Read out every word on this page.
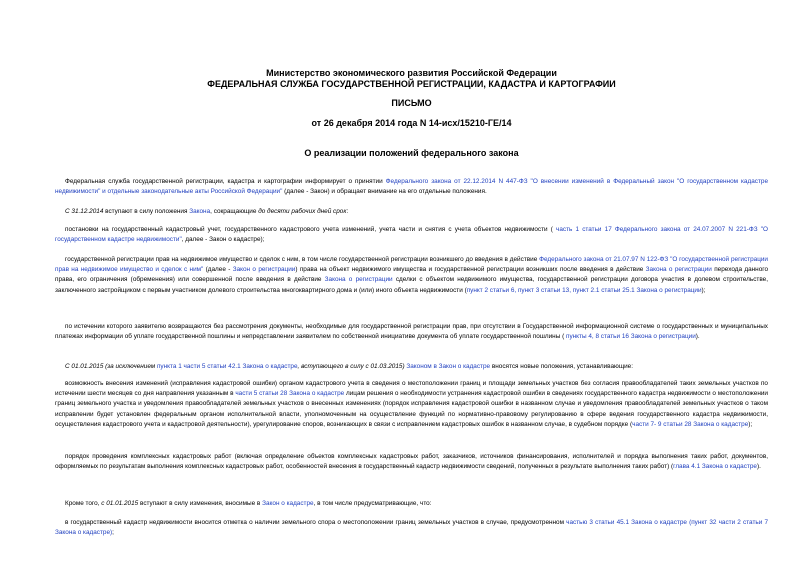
Министерство экономического развития Российской Федерации
ФЕДЕРАЛЬНАЯ СЛУЖБА ГОСУДАРСТВЕННОЙ РЕГИСТРАЦИИ, КАДАСТРА И КАРТОГРАФИИ
ПИСЬМО
от 26 декабря 2014 года N 14-исх/15210-ГЕ/14
О реализации положений федерального закона
Федеральная служба государственной регистрации, кадастра и картографии информирует о принятии Федерального закона от 22.12.2014 N 447-ФЗ "О внесении изменений в Федеральный закон "О государственном кадастре недвижимости" и отдельные законодательные акты Российской Федерации" (далее - Закон) и обращает внимание на его отдельные положения.
С 31.12.2014 вступают в силу положения Закона, сокращающие до десяти рабочих дней срок:
постановки на государственный кадастровый учет, государственного кадастрового учета изменений, учета части и снятия с учета объектов недвижимости ( часть 1 статьи 17 Федерального закона от 24.07.2007 N 221-ФЗ "О государственном кадастре недвижимости", далее - Закон о кадастре);
государственной регистрации прав на недвижимое имущество и сделок с ним, в том числе государственной регистрации возникшего до введения в действие Федерального закона от 21.07.97 N 122-ФЗ "О государственной регистрации прав на недвижимое имущество и сделок с ним" (далее - Закон о регистрации) права на объект недвижимого имущества и государственной регистрации возникших после введения в действие Закона о регистрации перехода данного права, его ограничения (обременения) или совершенной после введения в действие Закона о регистрации сделки с объектом недвижимого имущества, государственной регистрации договора участия в долевом строительстве, заключенного застройщиком с первым участником долевого строительства многоквартирного дома и (или) иного объекта недвижимости (пункт 2 статьи 6, пункт 3 статьи 13, пункт 2.1 статьи 25.1 Закона о регистрации);
по истечении которого заявителю возвращаются без рассмотрения документы, необходимые для государственной регистрации прав, при отсутствии в Государственной информационной системе о государственных и муниципальных платежах информации об уплате государственной пошлины и непредставлении заявителем по собственной инициативе документа об уплате государственной пошлины ( пункты 4, 8 статьи 16 Закона о регистрации).
С 01.01.2015 (за исключением пункта 1 части 5 статьи 42.1 Закона о кадастре, вступающего в силу с 01.03.2015) Законом в Закон о кадастре вносятся новые положения, устанавливающие:
возможность внесения изменений (исправления кадастровой ошибки) органом кадастрового учета в сведения о местоположении границ и площади земельных участков без согласия правообладателей таких земельных участков по истечении шести месяцев со дня направления указанным в части 5 статьи 28 Закона о кадастре лицам решения о необходимости устранения кадастровой ошибки в сведениях государственного кадастра недвижимости о местоположении границ земельного участка и уведомления правообладателей земельных участков о внесенных изменениях (порядок исправления кадастровой ошибки в названном случае и уведомления правообладателей земельных участков о таком исправлении будет установлен федеральным органом исполнительной власти, уполномоченным на осуществление функций по нормативно-правовому регулированию в сфере ведения государственного кадастра недвижимости, осуществления кадастрового учета и кадастровой деятельности), урегулирование споров, возникающих в связи с исправлением кадастровых ошибок в названном случае, в судебном порядке (части 7- 9 статьи 28 Закона о кадастре);
порядок проведения комплексных кадастровых работ (включая определение объектов комплексных кадастровых работ, заказчиков, источников финансирования, исполнителей и порядка выполнения таких работ, документов, оформляемых по результатам выполнения комплексных кадастровых работ, особенностей внесения в государственный кадастр недвижимости сведений, полученных в результате выполнения таких работ) (глава 4.1 Закона о кадастре).
Кроме того, с 01.01.2015 вступают в силу изменения, вносимые в Закон о кадастре, в том числе предусматривающие, что:
в государственный кадастр недвижимости вносится отметка о наличии земельного спора о местоположении границ земельных участков в случае, предусмотренном частью 3 статьи 45.1 Закона о кадастре (пункт 32 части 2 статьи 7 Закона о кадастре);
